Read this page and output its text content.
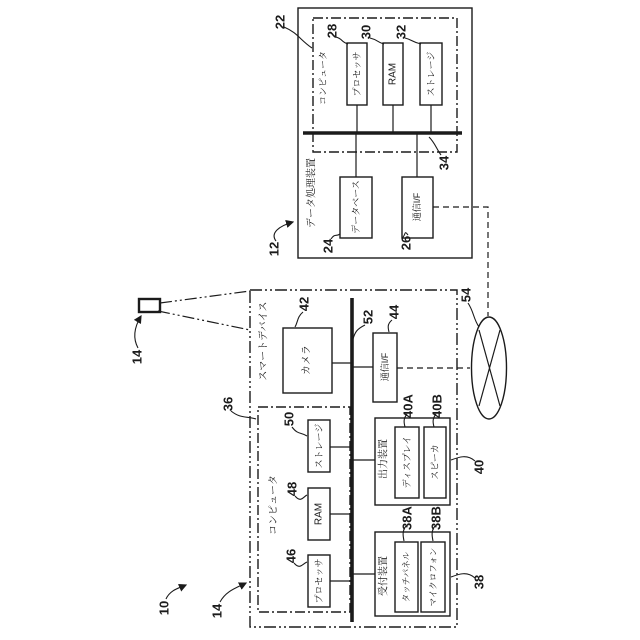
データ処理装置
12
コンピュータ
22
プロセッサ
28
RAM
30
ストレージ
32
34
データベース
24
通信I/F
26
54
14	スマートデバイス
14
10
コンピュータ
36
ストレージ
50
RAM
48
プロセッサ
46
カメラ
42
52
通信I/F
44
出力装置 ディスプレイ スピーカ
40A 40B
40
受付装置 タッチパネル マイクロフォン
38A 38B
38
